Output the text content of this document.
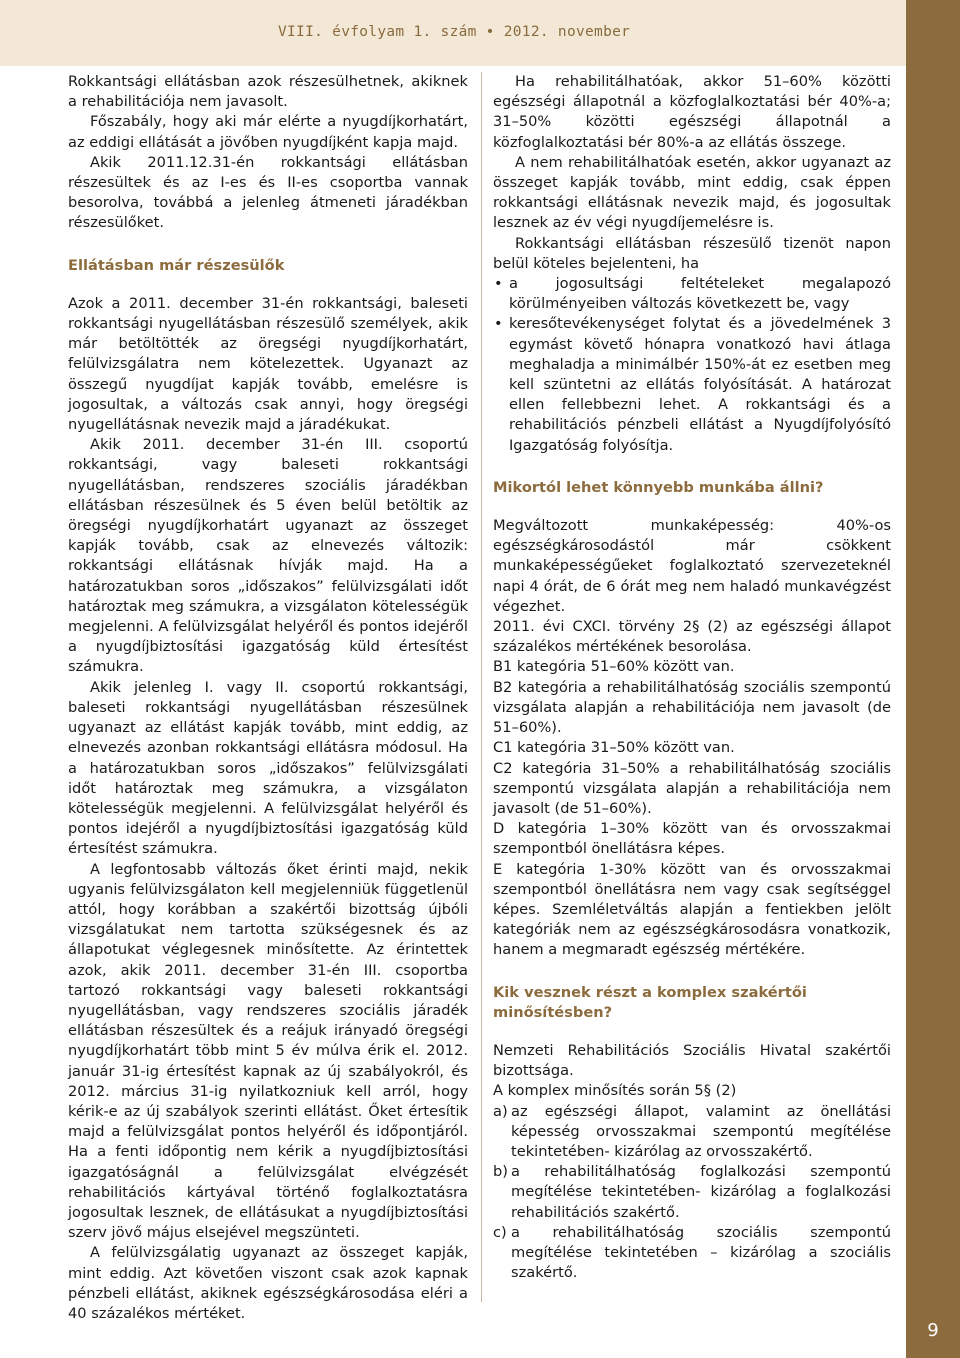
VIII. évfolyam 1. szám • 2012. november
9

Rokkantsági ellátásban azok részesülhetnek, akiknek a rehabilitációja nem javasolt.

Főszabály, hogy aki már elérte a nyugdíjkorhatárt, az eddigi ellátását a jövőben nyugdíjként kapja majd.

Akik 2011.12.31-én rokkantsági ellátásban részesültek és az I-es és II-es csoportba vannak besorolva, továbbá a jelenleg átmeneti járadékban részesülőket.

Ellátásban már részesülők

Azok a 2011. december 31-én rokkantsági, baleseti rokkantsági nyugellátásban részesülő személyek, akik már betöltötték az öregségi nyugdíjkorhatárt, felülvizsgálatra nem kötelezettek. Ugyanazt az összegű nyugdíjat kapják tovább, emelésre is jogosultak, a változás csak annyi, hogy öregségi nyugellátásnak nevezik majd a járadékukat.

Akik 2011. december 31-én III. csoportú rokkantsági, vagy baleseti rokkantsági nyugellátásban, rendszeres szociális járadékban ellátásban részesülnek és 5 éven belül betöltik az öregségi nyugdíjkorhatárt ugyanazt az összeget kapják tovább, csak az elnevezés változik: rokkantsági ellátásnak hívják majd. Ha a határozatukban soros „időszakos” felülvizsgálati időt határoztak meg számukra, a vizsgálaton kötelességük megjelenni. A felülvizsgálat helyéről és pontos idejéről a nyugdíjbiztosítási igazgatóság küld értesítést számukra.

Akik jelenleg I. vagy II. csoportú rokkantsági, baleseti rokkantsági nyugellátásban részesülnek ugyanazt az ellátást kapják tovább, mint eddig, az elnevezés azonban rokkantsági ellátásra módosul. Ha a határozatukban soros „időszakos” felülvizsgálati időt határoztak meg számukra, a vizsgálaton kötelességük megjelenni. A felülvizsgálat helyéről és pontos idejéről a nyugdíjbiztosítási igazgatóság küld értesítést számukra.

A legfontosabb változás őket érinti majd, nekik ugyanis felülvizsgálaton kell megjelenniük függetlenül attól, hogy korábban a szakértői bizottság újbóli vizsgálatukat nem tartotta szükségesnek és az állapotukat véglegesnek minősítette. Az érintettek azok, akik 2011. december 31-én III. csoportba tartozó rokkantsági vagy baleseti rokkantsági nyugellátásban, vagy rendszeres szociális járadék ellátásban részesültek és a reájuk irányadó öregségi nyugdíjkorhatárt több mint 5 év múlva érik el. 2012. január 31-ig értesítést kapnak az új szabályokról, és 2012. március 31-ig nyilatkozniuk kell arról, hogy kérik-e az új szabályok szerinti ellátást. Őket értesítik majd a felülvizsgálat pontos helyéről és időpontjáról. Ha a fenti időpontig nem kérik a nyugdíjbiztosítási igazgatóságnál a felülvizsgálat elvégzését rehabilitációs kártyával történő foglalkoztatásra jogosultak lesznek, de ellátásukat a nyugdíjbiztosítási szerv jövő május elsejével megszünteti.

A felülvizsgálatig ugyanazt az összeget kapják, mint eddig. Azt követően viszont csak azok kapnak pénzbeli ellátást, akiknek egészségkárosodása eléri a 40 százalékos mértéket.

Ha rehabilitálhatóak, akkor 51–60% közötti egészségi állapotnál a közfoglalkoztatási bér 40%-a; 31–50% közötti egészségi állapotnál a közfoglalkoztatási bér 80%-a az ellátás összege.

A nem rehabilitálhatóak esetén, akkor ugyanazt az összeget kapják tovább, mint eddig, csak éppen rokkantsági ellátásnak nevezik majd, és jogosultak lesznek az év végi nyugdíjemelésre is.

Rokkantsági ellátásban részesülő tizenöt napon belül köteles bejelenteni, ha

• a jogosultsági feltételeket megalapozó körülményeiben változás következett be, vagy
• keresőtevékenységet folytat és a jövedelmének 3 egymást követő hónapra vonatkozó havi átlaga meghaladja a minimálbér 150%-át ez esetben meg kell szüntetni az ellátás folyósítását. A határozat ellen fellebbezni lehet. A rokkantsági és a rehabilitációs pénzbeli ellátást a Nyugdíjfolyósító Igazgatóság folyósítja.
Mikortól lehet könnyebb munkába állni?

Megváltozott munkaképesség: 40%-os egészségkárosodástól már csökkent munkaképességűeket foglalkoztató szervezeteknél napi 4 órát, de 6 órát meg nem haladó munkavégzést végezhet.

2011. évi CXCI. törvény 2§ (2) az egészségi állapot százalékos mértékének besorolása.

B1 kategória 51–60% között van.

B2 kategória a rehabilitálhatóság szociális szempontú vizsgálata alapján a rehabilitációja nem javasolt (de 51–60%).

C1 kategória 31–50% között van.

C2 kategória 31–50% a rehabilitálhatóság szociális szempontú vizsgálata alapján a rehabilitációja nem javasolt (de 51–60%).

D kategória 1–30% között van és orvosszakmai szempontból önellátásra képes.

E kategória 1-30% között van és orvosszakmai szempontból önellátásra nem vagy csak segítséggel képes. Szemléletváltás alapján a fentiekben jelölt kategóriák nem az egészségkárosodásra vonatkozik, hanem a megmaradt egészség mértékére.

Kik vesznek részt a komplex szakértői minősítésben?

Nemzeti Rehabilitációs Szociális Hivatal szakértői bizottsága.

A komplex minősítés során 5§ (2)

a) az egészségi állapot, valamint az önellátási képesség orvosszakmai szempontú megítélése tekintetében- kizárólag az orvosszakértő.
b) a rehabilitálhatóság foglalkozási szempontú megítélése tekintetében- kizárólag a foglalkozási rehabilitációs szakértő.
c) a rehabilitálhatóság szociális szempontú megítélése tekintetében – kizárólag a szociális szakértő.
